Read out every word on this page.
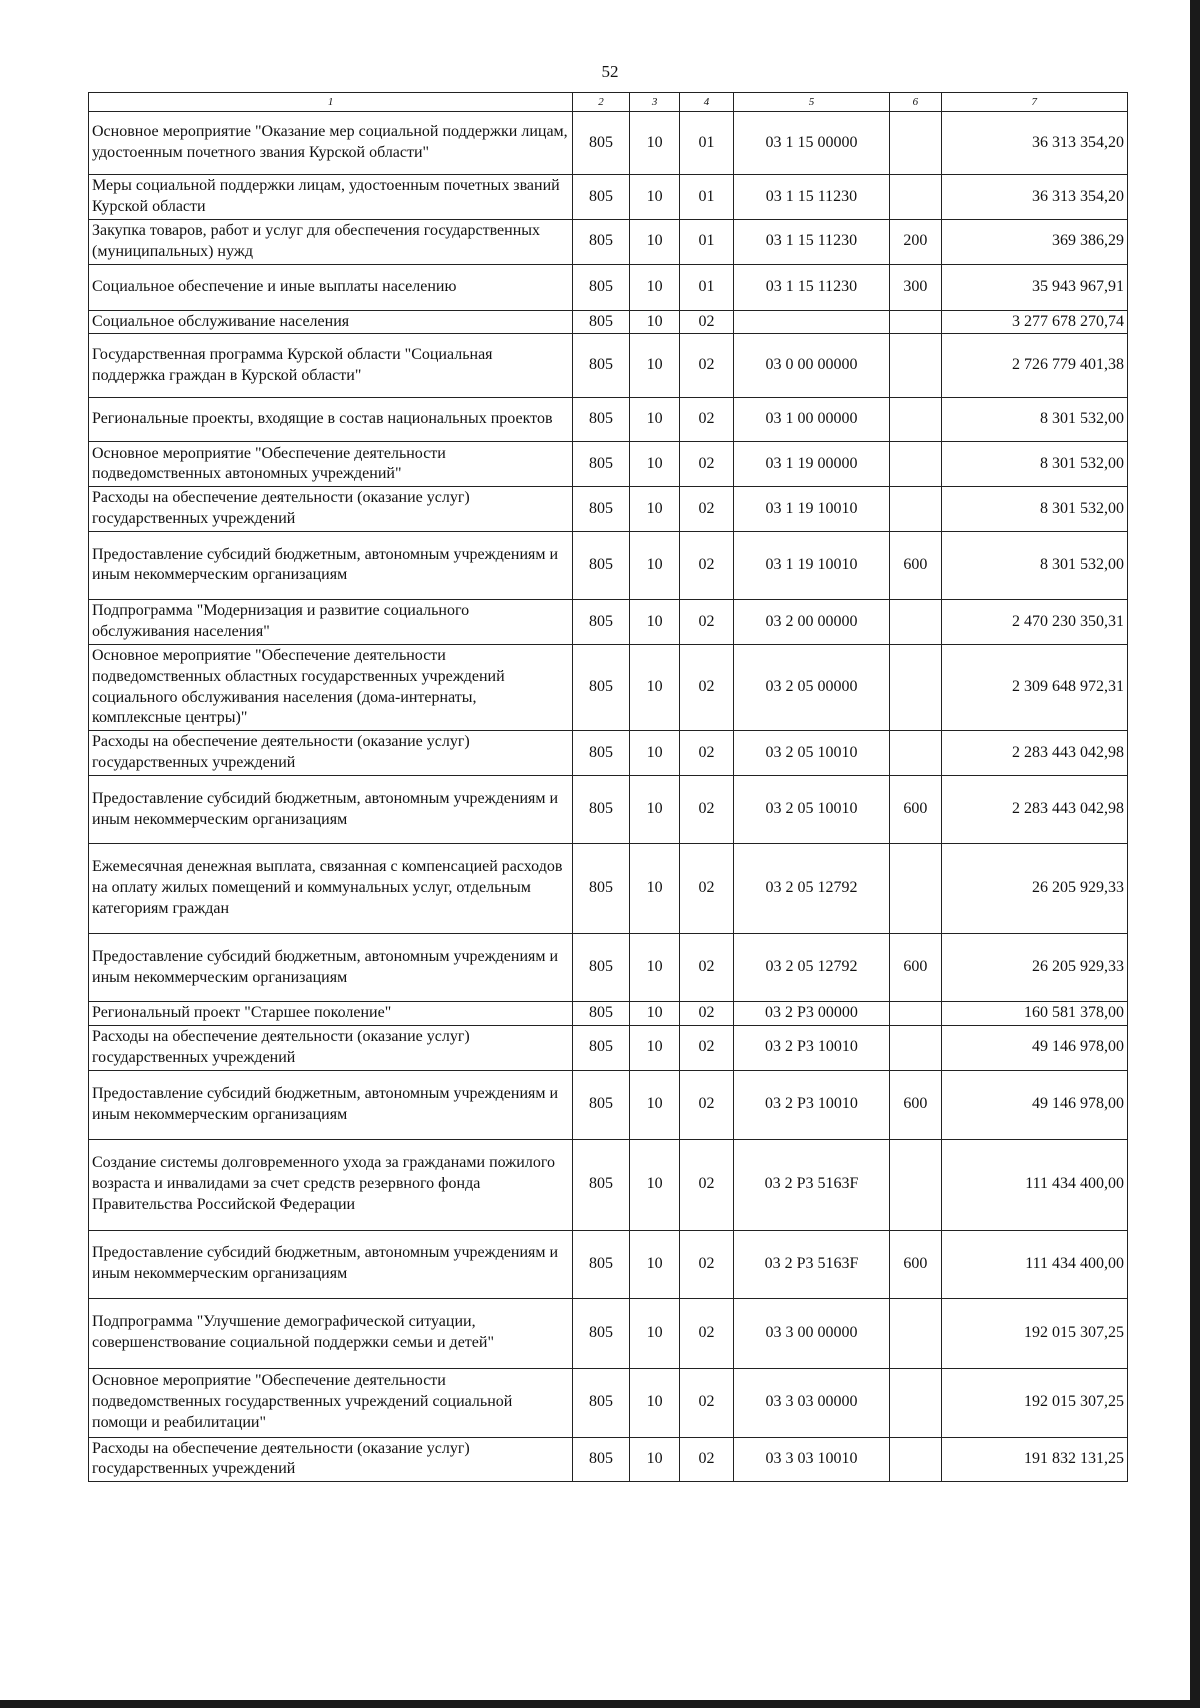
52
1	2	3	4	5	6	7
Основное мероприятие "Оказание мер социальной поддержки лицам, удостоенным почетного звания Курской области"	805	10	01	03 1 15 00000		36 313 354,20
Меры социальной поддержки лицам, удостоенным почетных званий Курской области	805	10	01	03 1 15 11230		36 313 354,20
Закупка товаров, работ и услуг для обеспечения государственных (муниципальных) нужд	805	10	01	03 1 15 11230	200	369 386,29
Социальное обеспечение и иные выплаты населению	805	10	01	03 1 15 11230	300	35 943 967,91
Социальное обслуживание населения	805	10	02			3 277 678 270,74
Государственная программа Курской области "Социальная поддержка граждан в Курской области"	805	10	02	03 0 00 00000		2 726 779 401,38
Региональные проекты, входящие в состав национальных проектов	805	10	02	03 1 00 00000		8 301 532,00
Основное мероприятие "Обеспечение деятельности подведомственных автономных учреждений"	805	10	02	03 1 19 00000		8 301 532,00
Расходы на обеспечение деятельности (оказание услуг) государственных учреждений	805	10	02	03 1 19 10010		8 301 532,00
Предоставление субсидий бюджетным, автономным учреждениям и иным некоммерческим организациям	805	10	02	03 1 19 10010	600	8 301 532,00
Подпрограмма "Модернизация и развитие социального обслуживания населения"	805	10	02	03 2 00 00000		2 470 230 350,31
Основное мероприятие "Обеспечение деятельности подведомственных областных государственных учреждений социального обслуживания населения (дома-интернаты, комплексные центры)"	805	10	02	03 2 05 00000		2 309 648 972,31
Расходы на обеспечение деятельности (оказание услуг) государственных учреждений	805	10	02	03 2 05 10010		2 283 443 042,98
Предоставление субсидий бюджетным, автономным учреждениям и иным некоммерческим организациям	805	10	02	03 2 05 10010	600	2 283 443 042,98
Ежемесячная денежная выплата, связанная с компенсацией расходов на оплату жилых помещений и коммунальных услуг, отдельным категориям граждан	805	10	02	03 2 05 12792		26 205 929,33
Предоставление субсидий бюджетным, автономным учреждениям и иным некоммерческим организациям	805	10	02	03 2 05 12792	600	26 205 929,33
Региональный проект "Старшее поколение"	805	10	02	03 2 P3 00000		160 581 378,00
Расходы на обеспечение деятельности (оказание услуг) государственных учреждений	805	10	02	03 2 P3 10010		49 146 978,00
Предоставление субсидий бюджетным, автономным учреждениям и иным некоммерческим организациям	805	10	02	03 2 P3 10010	600	49 146 978,00
Создание системы долговременного ухода за гражданами пожилого возраста и инвалидами за счет средств резервного фонда Правительства Российской Федерации	805	10	02	03 2 P3 5163F		111 434 400,00
Предоставление субсидий бюджетным, автономным учреждениям и иным некоммерческим организациям	805	10	02	03 2 P3 5163F	600	111 434 400,00
Подпрограмма "Улучшение демографической ситуации, совершенствование социальной поддержки семьи и детей"	805	10	02	03 3 00 00000		192 015 307,25
Основное мероприятие "Обеспечение деятельности подведомственных государственных учреждений социальной помощи и реабилитации"	805	10	02	03 3 03 00000		192 015 307,25
Расходы на обеспечение деятельности (оказание услуг) государственных учреждений	805	10	02	03 3 03 10010		191 832 131,25
